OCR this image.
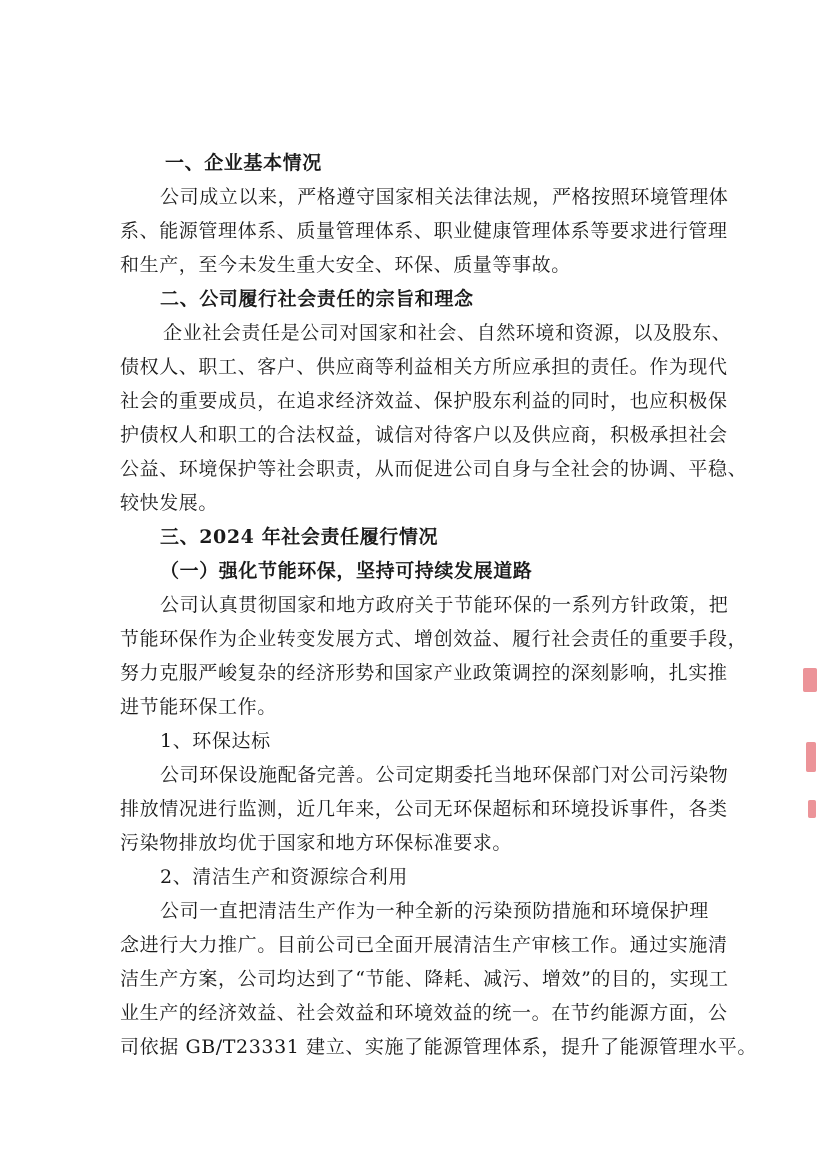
一、企业基本情况
公司成立以来，严格遵守国家相关法律法规，严格按照环境管理体
系、能源管理体系、质量管理体系、职业健康管理体系等要求进行管理
和生产，至今未发生重大安全、环保、质量等事故。
二、公司履行社会责任的宗旨和理念
企业社会责任是公司对国家和社会、自然环境和资源，以及股东、
债权人、职工、客户、供应商等利益相关方所应承担的责任。作为现代
社会的重要成员，在追求经济效益、保护股东利益的同时，也应积极保
护债权人和职工的合法权益，诚信对待客户以及供应商，积极承担社会
公益、环境保护等社会职责，从而促进公司自身与全社会的协调、平稳、
较快发展。
三、2024 年社会责任履行情况
（一）强化节能环保，坚持可持续发展道路
公司认真贯彻国家和地方政府关于节能环保的一系列方针政策，把
节能环保作为企业转变发展方式、增创效益、履行社会责任的重要手段，
努力克服严峻复杂的经济形势和国家产业政策调控的深刻影响，扎实推
进节能环保工作。
1、环保达标
公司环保设施配备完善。公司定期委托当地环保部门对公司污染物
排放情况进行监测，近几年来，公司无环保超标和环境投诉事件，各类
污染物排放均优于国家和地方环保标准要求。
2、清洁生产和资源综合利用
公司一直把清洁生产作为一种全新的污染预防措施和环境保护理
念进行大力推广。目前公司已全面开展清洁生产审核工作。通过实施清
洁生产方案，公司均达到了“节能、降耗、减污、增效”的目的，实现工
业生产的经济效益、社会效益和环境效益的统一。在节约能源方面，公
司依据 GB/T23331 建立、实施了能源管理体系，提升了能源管理水平。
